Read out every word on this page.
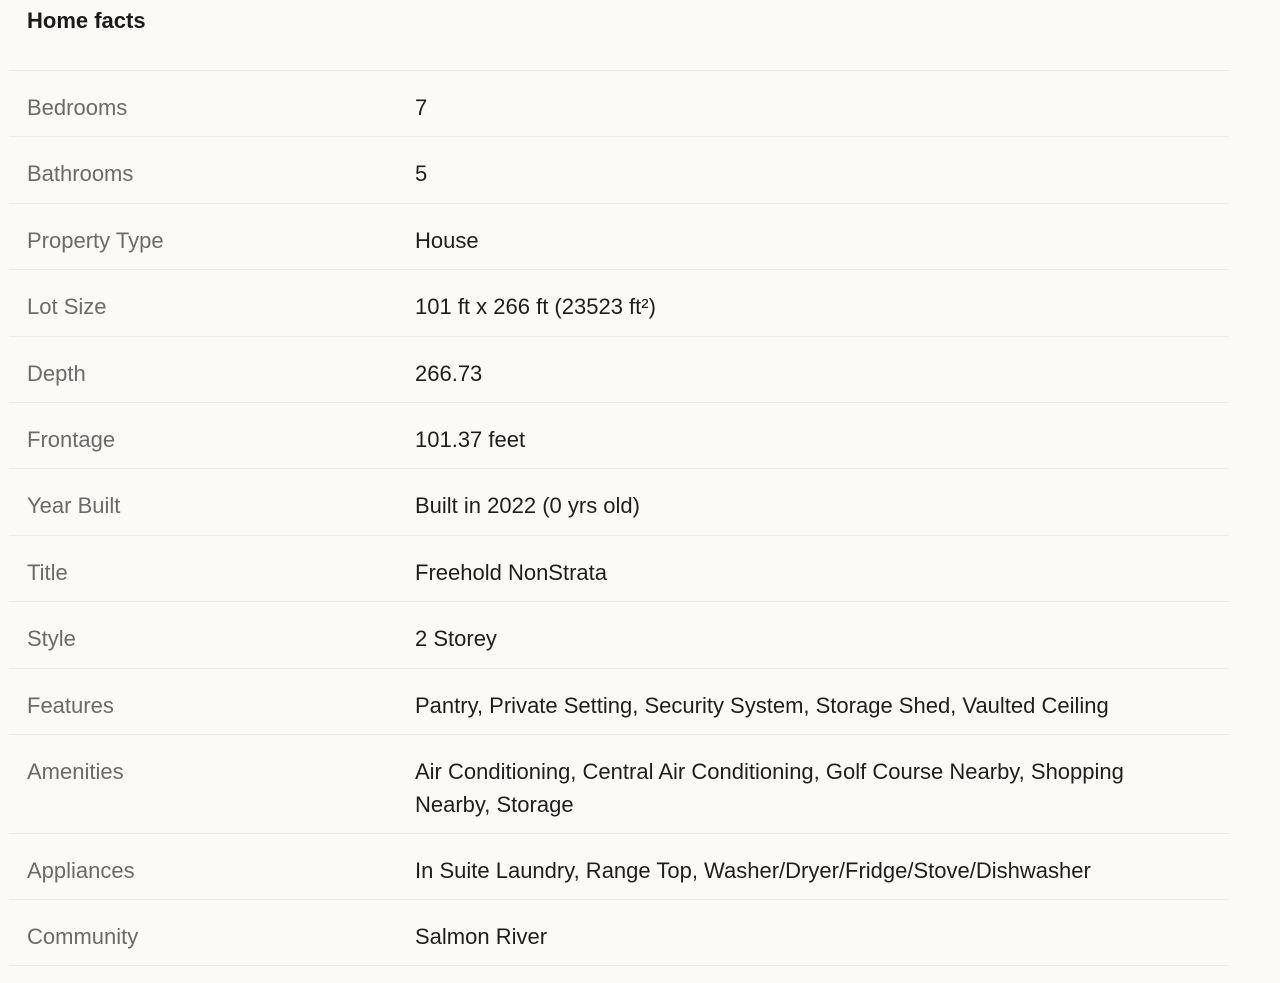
Home facts
Bedrooms	7
Bathrooms	5
Property Type	House
Lot Size	101 ft x 266 ft (23523 ft²)
Depth	266.73
Frontage	101.37 feet
Year Built	Built in 2022 (0 yrs old)
Title	Freehold NonStrata
Style	2 Storey
Features	Pantry, Private Setting, Security System, Storage Shed, Vaulted Ceiling
Amenities	Air Conditioning, Central Air Conditioning, Golf Course Nearby, Shopping Nearby, Storage
Appliances	In Suite Laundry, Range Top, Washer/Dryer/Fridge/Stove/Dishwasher
Community	Salmon River
